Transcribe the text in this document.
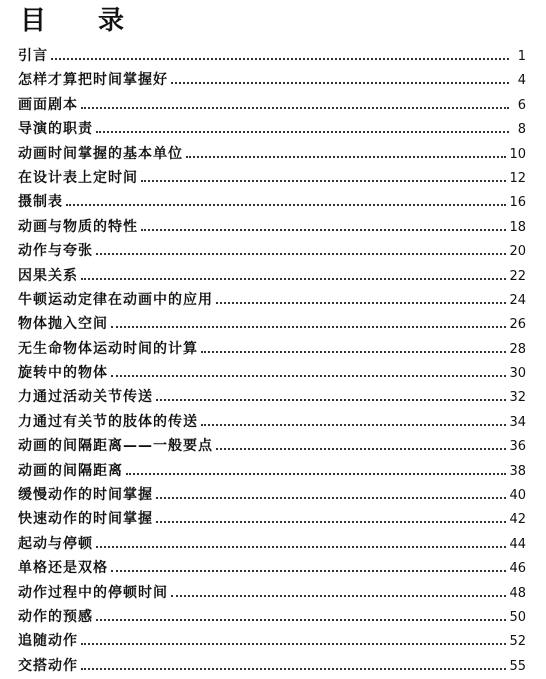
目录
引言	1
怎样才算把时间掌握好	4
画面剧本	6
导演的职责	8
动画时间掌握的基本单位	10
在设计表上定时间	12
摄制表	16
动画与物质的特性	18
动作与夸张	20
因果关系	22
牛顿运动定律在动画中的应用	24
物体抛入空间	26
无生命物体运动时间的计算	28
旋转中的物体	30
力通过活动关节传送	32
力通过有关节的肢体的传送	34
动画的间隔距离——一般要点	36
动画的间隔距离	38
缓慢动作的时间掌握	40
快速动作的时间掌握	42
起动与停顿	44
单格还是双格	46
动作过程中的停顿时间	48
动作的预感	50
追随动作	52
交搭动作	55
